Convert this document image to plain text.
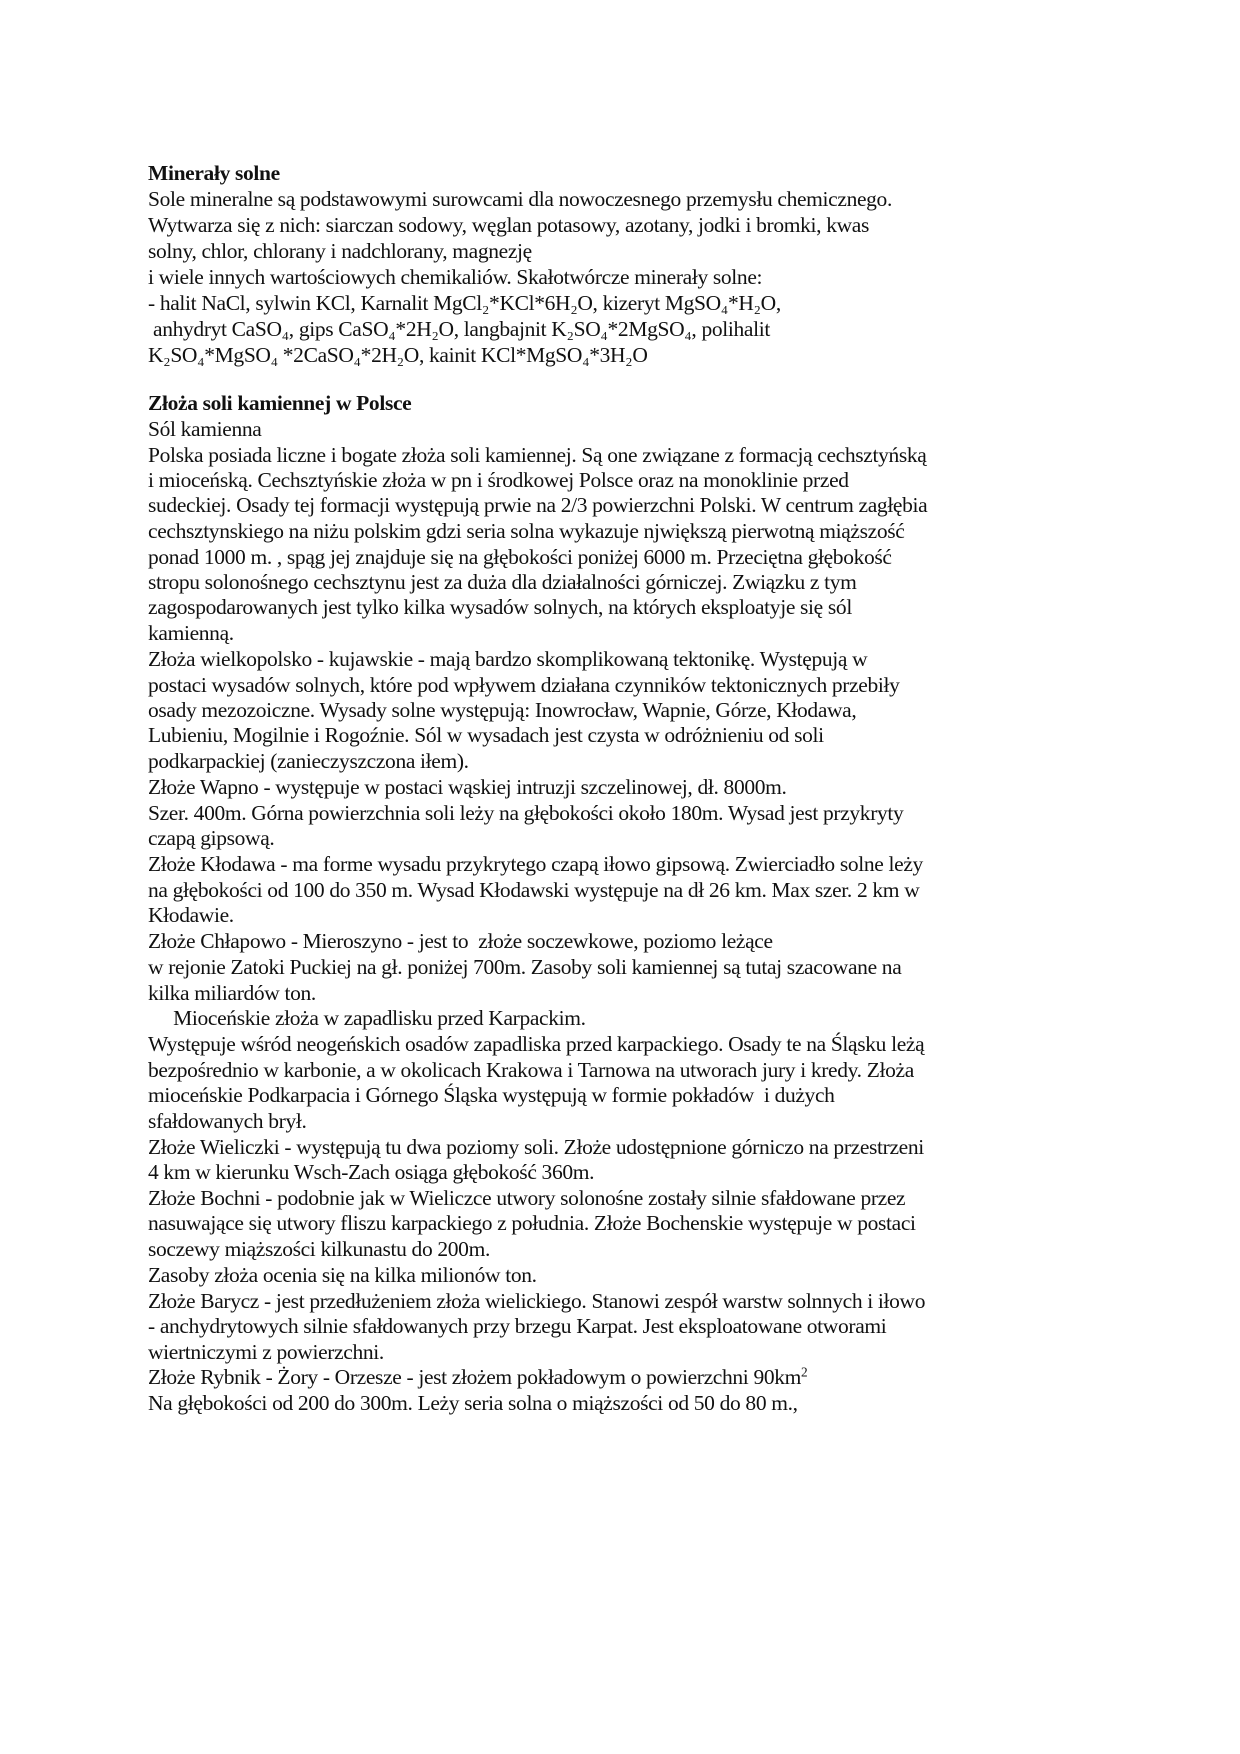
Minerały solne
Sole mineralne są podstawowymi surowcami dla nowoczesnego przemysłu chemicznego.
Wytwarza się z nich: siarczan sodowy, węglan potasowy, azotany, jodki i bromki, kwas
solny, chlor, chlorany i nadchlorany, magnezję
i wiele innych wartościowych chemikaliów. Skałotwórcze minerały solne:
- halit NaCl, sylwin KCl, Karnalit MgCl₂*KCl*6H₂O, kizeryt MgSO₄*H₂O,
anhydryt CaSO₄, gips CaSO₄*2H₂O, langbajnit K₂SO₄*2MgSO₄, polihalit
K₂SO₄*MgSO₄ *2CaSO₄*2H₂O, kainit KCl*MgSO₄*3H₂O
Złoża soli kamiennej w Polsce
Sól kamienna
Polska posiada liczne i bogate złoża soli kamiennej. Są one związane z formacją cechsztyńską
i mioceńską. Cechsztyńskie złoża w pn i środkowej Polsce oraz na monoklinie przed
sudeckiej. Osady tej formacji występują prwie na 2/3 powierzchni Polski. W centrum zagłębia
cechsztynskiego na niżu polskim gdzi seria solna wykazuje njwiększą pierwotną miąższość
ponad 1000 m. , spąg jej znajduje się na głębokości poniżej 6000 m. Przeciętna głębokość
stropu solonośnego cechsztynu jest za duża dla działalności górniczej. Związku z tym
zagospodarowanych jest tylko kilka wysadów solnych, na których eksploatyje się sól
kamienną.
Złoża wielkopolsko - kujawskie - mają bardzo skomplikowaną tektonikę. Występują w
postaci wysadów solnych, które pod wpływem działana czynników tektonicznych przebiły
osady mezozoiczne. Wysady solne występują: Inowrocław, Wapnie, Górze, Kłodawa,
Lubieniu, Mogilnie i Rogoźnie. Sól w wysadach jest czysta w odróżnieniu od soli
podkarpackiej (zanieczyszczona iłem).
Złoże Wapno - występuje w postaci wąskiej intruzji szczelinowej, dł. 8000m.
Szer. 400m. Górna powierzchnia soli leży na głębokości około 180m. Wysad jest przykryty
czapą gipsową.
Złoże Kłodawa - ma forme wysadu przykrytego czapą iłowo gipsową. Zwierciadło solne leży
na głębokości od 100 do 350 m. Wysad Kłodawski występuje na dł 26 km. Max szer. 2 km w
Kłodawie.
Złoże Chłapowo - Mieroszyno - jest to  złoże soczewkowe, poziomo leżące
w rejonie Zatoki Puckiej na gł. poniżej 700m. Zasoby soli kamiennej są tutaj szacowane na
kilka miliardów ton.
Mioceńskie złoża w zapadlisku przed Karpackim.
Występuje wśród neogeńskich osadów zapadliska przed karpackiego. Osady te na Śląsku leżą
bezpośrednio w karbonie, a w okolicach Krakowa i Tarnowa na utworach jury i kredy. Złoża
mioceńskie Podkarpacia i Górnego Śląska występują w formie pokładów  i dużych
sfałdowanych brył.
Złoże Wieliczki - występują tu dwa poziomy soli. Złoże udostępnione górniczo na przestrzeni
4 km w kierunku Wsch-Zach osiąga głębokość 360m.
Złoże Bochni - podobnie jak w Wieliczce utwory solonośne zostały silnie sfałdowane przez
nasuwające się utwory fliszu karpackiego z południa. Złoże Bochenskie występuje w postaci
soczewy miąższości kilkunastu do 200m.
Zasoby złoża ocenia się na kilka milionów ton.
Złoże Barycz - jest przedłużeniem złoża wielickiego. Stanowi zespół warstw solnnych i iłowo
- anchydrytowych silnie sfałdowanych przy brzegu Karpat. Jest eksploatowane otworami
wiertniczymi z powierzchni.
Złoże Rybnik - Żory - Orzesze - jest złożem pokładowym o powierzchni $90km^2$
Na głębokości od 200 do 300m. Leży seria solna o miąższości od 50 do 80 m.,
